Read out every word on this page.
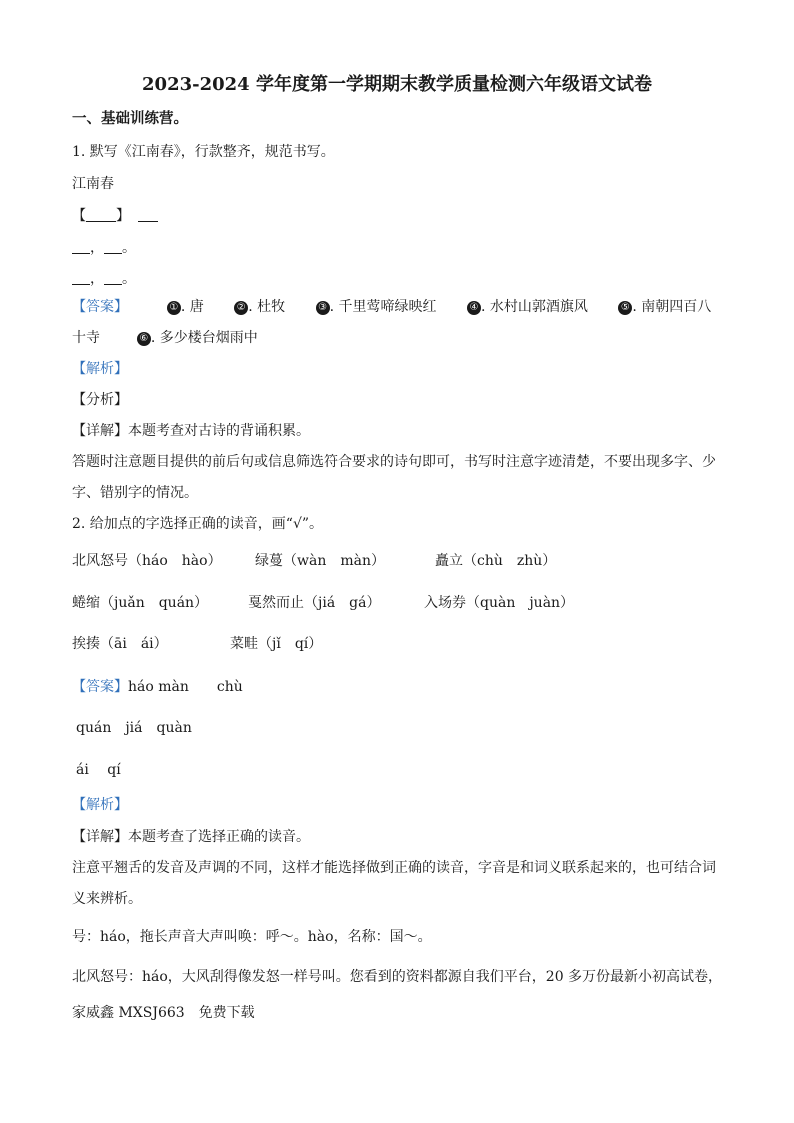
2023-2024 学年度第一学期期末教学质量检测六年级语文试卷
一、基础训练营。
1. 默写《江南春》，行款整齐，规范书写。
江南春
【 】
， 。
， 。
【答案】	① . 唐	② . 杜牧	③ . 千里莺啼绿映红	④ . 水村山郭酒旗风	⑤ . 南朝四百八
十寺	⑥ . 多少楼台烟雨中
【解析】
【分析】
【详解】本题考查对古诗的背诵积累。
答题时注意题目提供的前后句或信息筛选符合要求的诗句即可，书写时注意字迹清楚，不要出现多字、少
字、错别字的情况。
2. 给加点的字选择正确的读音，画“√”。
北风怒号（háo　hào） 绿蔓（wàn　màn）	矗立（chù　zhù）
蜷缩（juǎn　quán）	戛然而止（jiá　gá）	入场券（quàn　juàn）
挨揍（āi　ái）	菜畦（jǐ　qí）
【答案】háo màn　　chù
quán　jiá　quàn
ái　 qí
【解析】
【详解】本题考查了选择正确的读音。
注意平翘舌的发音及声调的不同，这样才能选择做到正确的读音，字音是和词义联系起来的，也可结合词
义来辨析。
号：háo，拖长声音大声叫唤：呼～。hào，名称：国～。
北风怒号：háo，大风刮得像发怒一样号叫。您看到的资料都源自我们平台，20 多万份最新小初高试卷，
家威鑫 MXSJ663　免费下载
